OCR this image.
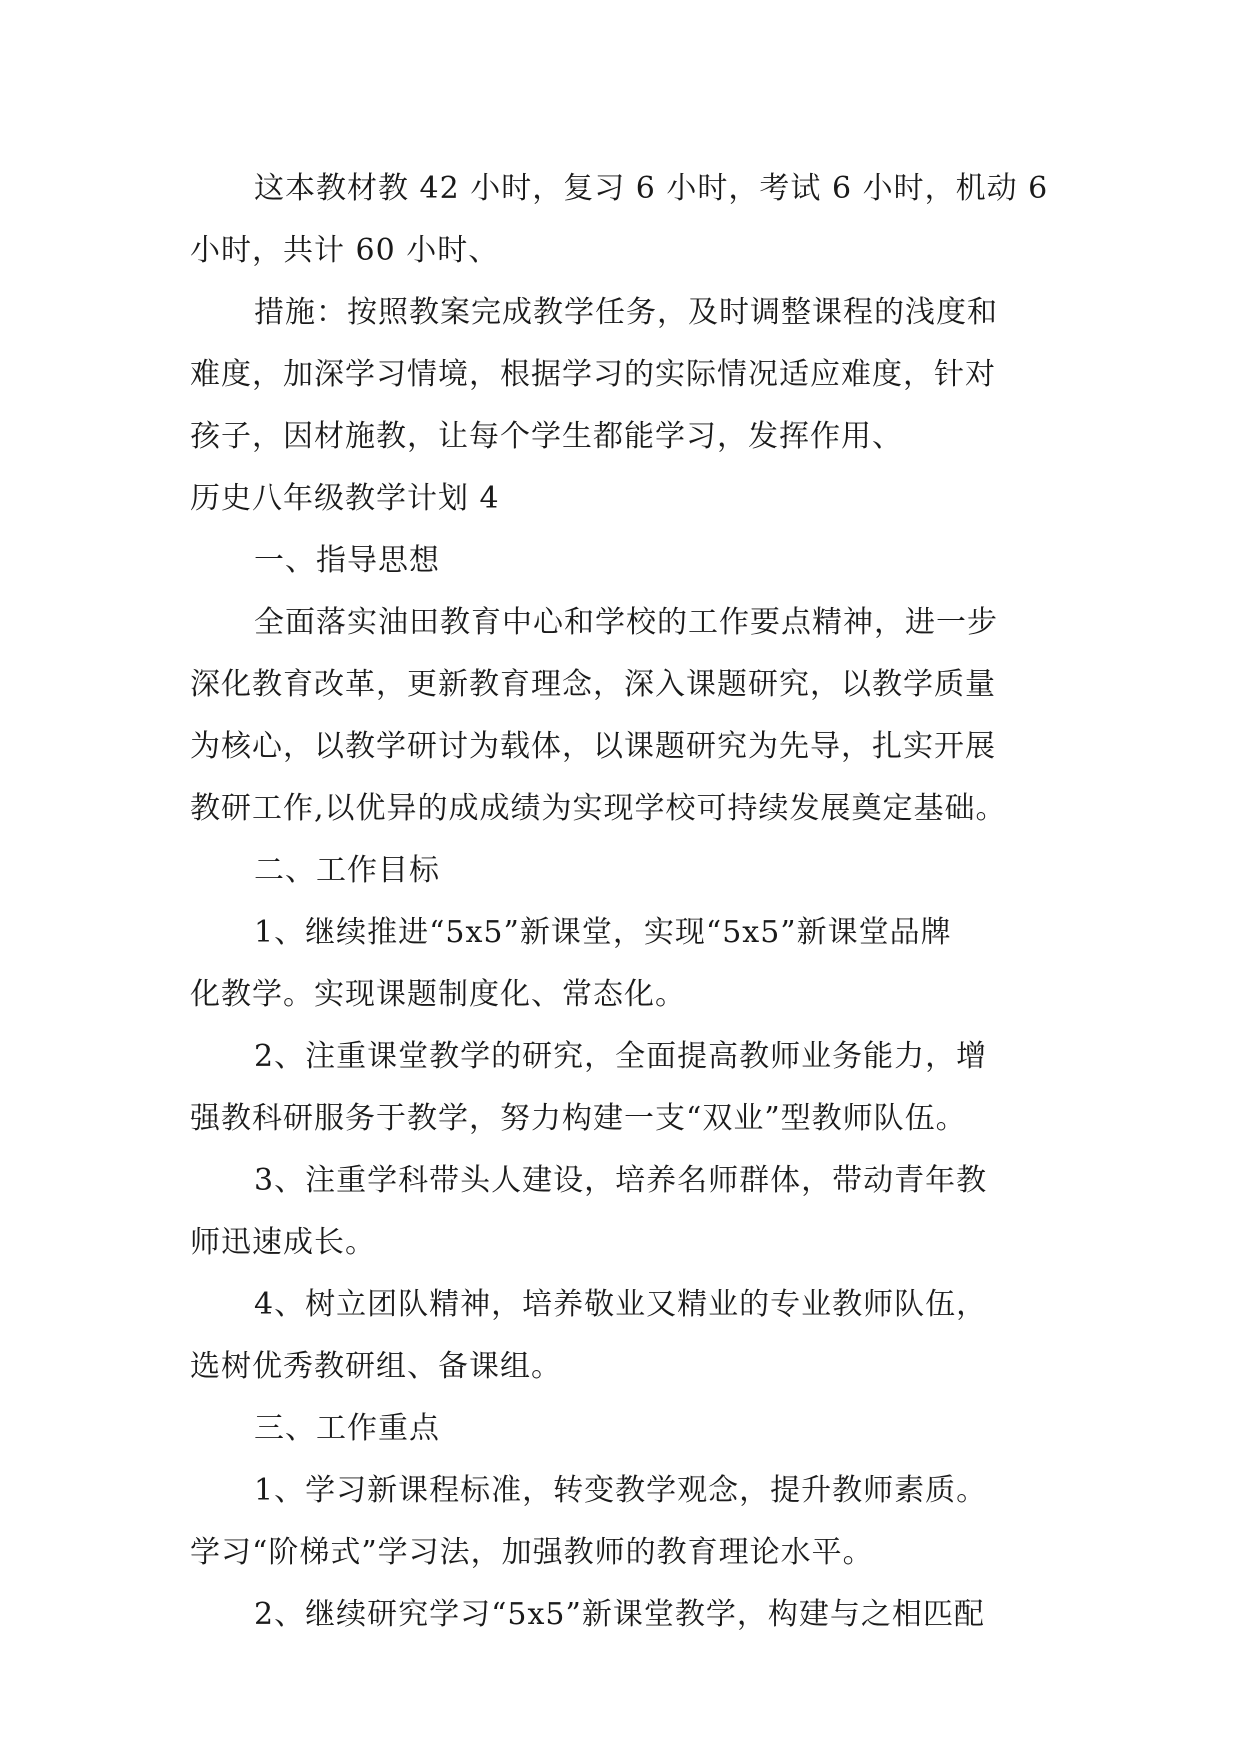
这本教材教 42 小时，复习 6 小时，考试 6 小时，机动 6
小时，共计 60 小时、
措施：按照教案完成教学任务，及时调整课程的浅度和
难度，加深学习情境，根据学习的实际情况适应难度，针对
孩子，因材施教，让每个学生都能学习，发挥作用、
历史八年级教学计划 4
一、指导思想
全面落实油田教育中心和学校的工作要点精神，进一步
深化教育改革，更新教育理念，深入课题研究，以教学质量
为核心，以教学研讨为载体，以课题研究为先导，扎实开展
教研工作,以优异的成成绩为实现学校可持续发展奠定基础。
二、工作目标
1、继续推进“5x5”新课堂，实现“5x5”新课堂品牌
化教学。实现课题制度化、常态化。
2、注重课堂教学的研究，全面提高教师业务能力，增
强教科研服务于教学，努力构建一支“双业”型教师队伍。
3、注重学科带头人建设，培养名师群体，带动青年教
师迅速成长。
4、树立团队精神，培养敬业又精业的专业教师队伍，
选树优秀教研组、备课组。
三、工作重点
1、学习新课程标准，转变教学观念，提升教师素质。
学习“阶梯式”学习法，加强教师的教育理论水平。
2、继续研究学习“5x5”新课堂教学，构建与之相匹配
